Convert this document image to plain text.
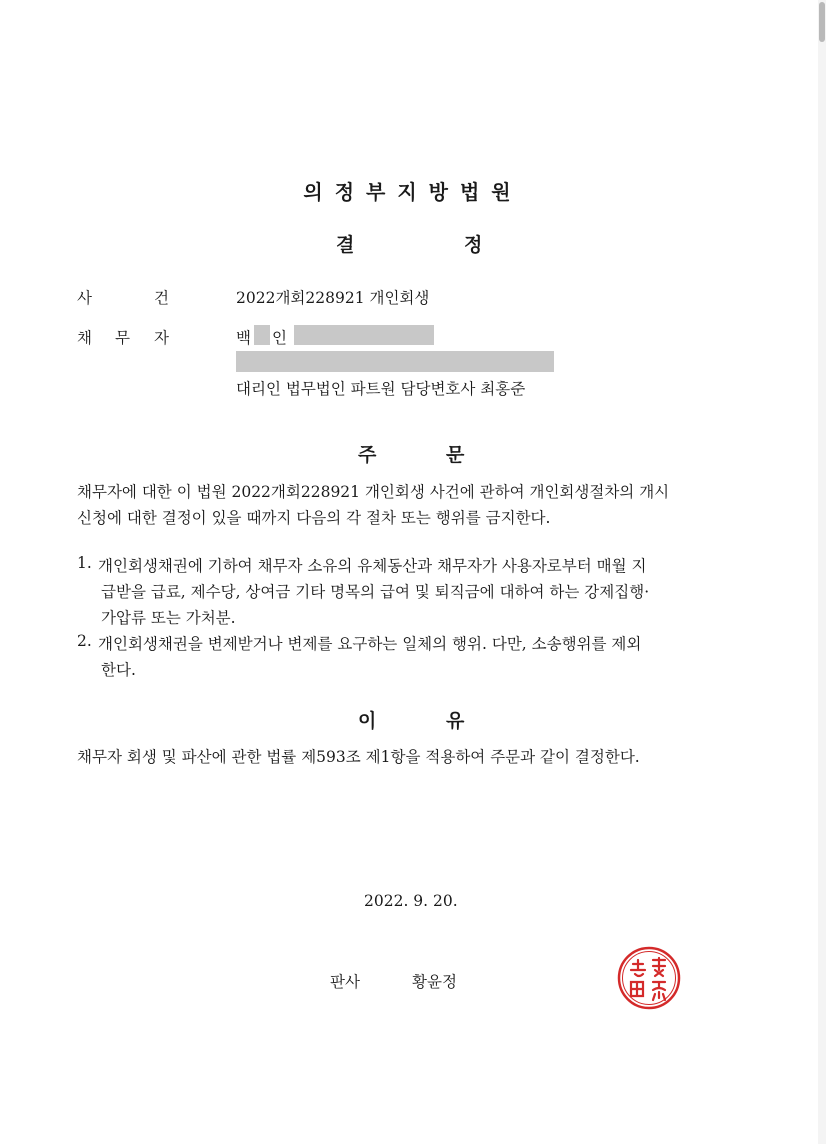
의정부지방법원
결	정
사	건	2022개회228921 개인회생
채 무 자	백 인
대리인 법무법인 파트원 담당변호사 최홍준
주	문
채무자에 대한 이 법원 2022개회228921 개인회생 사건에 관하여 개인회생절차의 개시
신청에 대한 결정이 있을 때까지 다음의 각 절차 또는 행위를 금지한다.
1. 개인회생채권에 기하여 채무자 소유의 유체동산과 채무자가 사용자로부터 매월 지
급받을 급료, 제수당, 상여금 기타 명목의 급여 및 퇴직금에 대하여 하는 강제집행·
가압류 또는 가처분.
2. 개인회생채권을 변제받거나 변제를 요구하는 일체의 행위. 다만, 소송행위를 제외
한다.
이	유
채무자 회생 및 파산에 관한 법률 제593조 제1항을 적용하여 주문과 같이 결정한다.
2022. 9. 20.
판사	황윤정
